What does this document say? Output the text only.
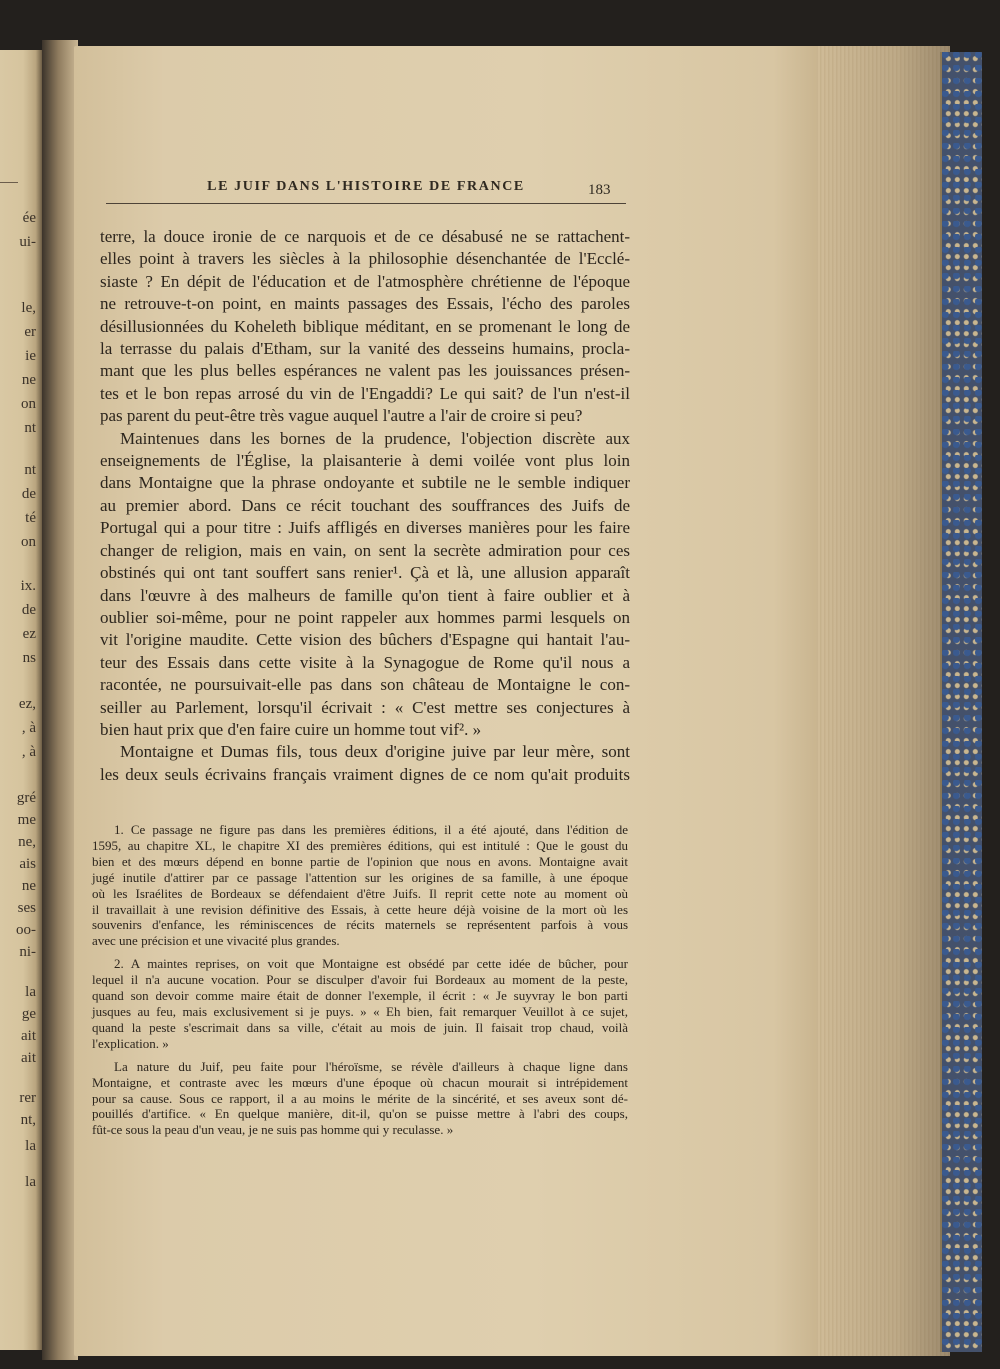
ée
ui-
le,
er
ie
ne
on
nt
nt
de
té
on
ix.
de
ez
ns
ez,
, à
, à
gré
me
ne,
ais
ne
ses
oo-
ni-
la
ge
ait
ait
rer
nt,
la
la
LE JUIF DANS L'HISTOIRE DE FRANCE	183
terre, la douce ironie de ce narquois et de ce désabusé ne se rattachent-
elles point à travers les siècles à la philosophie désenchantée de l'Ecclé-
siaste ? En dépit de l'éducation et de l'atmosphère chrétienne de l'époque
ne retrouve-t-on point, en maints passages des Essais, l'écho des paroles
désillusionnées du Koheleth biblique méditant, en se promenant le long de
la terrasse du palais d'Etham, sur la vanité des desseins humains, procla-
mant que les plus belles espérances ne valent pas les jouissances présen-
tes et le bon repas arrosé du vin de l'Engaddi? Le qui sait? de l'un n'est-il
pas parent du peut-être très vague auquel l'autre a l'air de croire si peu?
Maintenues dans les bornes de la prudence, l'objection discrète aux
enseignements de l'Église, la plaisanterie à demi voilée vont plus loin
dans Montaigne que la phrase ondoyante et subtile ne le semble indiquer
au premier abord. Dans ce récit touchant des souffrances des Juifs de
Portugal qui a pour titre : Juifs affligés en diverses manières pour les faire
changer de religion, mais en vain, on sent la secrète admiration pour ces
obstinés qui ont tant souffert sans renier¹. Çà et là, une allusion apparaît
dans l'œuvre à des malheurs de famille qu'on tient à faire oublier et à
oublier soi-même, pour ne point rappeler aux hommes parmi lesquels on
vit l'origine maudite. Cette vision des bûchers d'Espagne qui hantait l'au-
teur des Essais dans cette visite à la Synagogue de Rome qu'il nous a
racontée, ne poursuivait-elle pas dans son château de Montaigne le con-
seiller au Parlement, lorsqu'il écrivait : « C'est mettre ses conjectures à
bien haut prix que d'en faire cuire un homme tout vif². »
Montaigne et Dumas fils, tous deux d'origine juive par leur mère, sont
les deux seuls écrivains français vraiment dignes de ce nom qu'ait produits
1. Ce passage ne figure pas dans les premières éditions, il a été ajouté, dans l'édition de
1595, au chapitre XL, le chapitre XI des premières éditions, qui est intitulé : Que le goust du
bien et des mœurs dépend en bonne partie de l'opinion que nous en avons. Montaigne avait
jugé inutile d'attirer par ce passage l'attention sur les origines de sa famille, à une époque
où les Israélites de Bordeaux se défendaient d'être Juifs. Il reprit cette note au moment où
il travaillait à une revision définitive des Essais, à cette heure déjà voisine de la mort où les
souvenirs d'enfance, les réminiscences de récits maternels se représentent parfois à vous
avec une précision et une vivacité plus grandes.
2. A maintes reprises, on voit que Montaigne est obsédé par cette idée de bûcher, pour
lequel il n'a aucune vocation. Pour se disculper d'avoir fui Bordeaux au moment de la peste,
quand son devoir comme maire était de donner l'exemple, il écrit : « Je suyvray le bon parti
jusques au feu, mais exclusivement si je puys. » « Eh bien, fait remarquer Veuillot à ce sujet,
quand la peste s'escrimait dans sa ville, c'était au mois de juin. Il faisait trop chaud, voilà
l'explication. »
La nature du Juif, peu faite pour l'héroïsme, se révèle d'ailleurs à chaque ligne dans
Montaigne, et contraste avec les mœurs d'une époque où chacun mourait si intrépidement
pour sa cause. Sous ce rapport, il a au moins le mérite de la sincérité, et ses aveux sont dé-
pouillés d'artifice. « En quelque manière, dit-il, qu'on se puisse mettre à l'abri des coups,
fût-ce sous la peau d'un veau, je ne suis pas homme qui y reculasse. »
